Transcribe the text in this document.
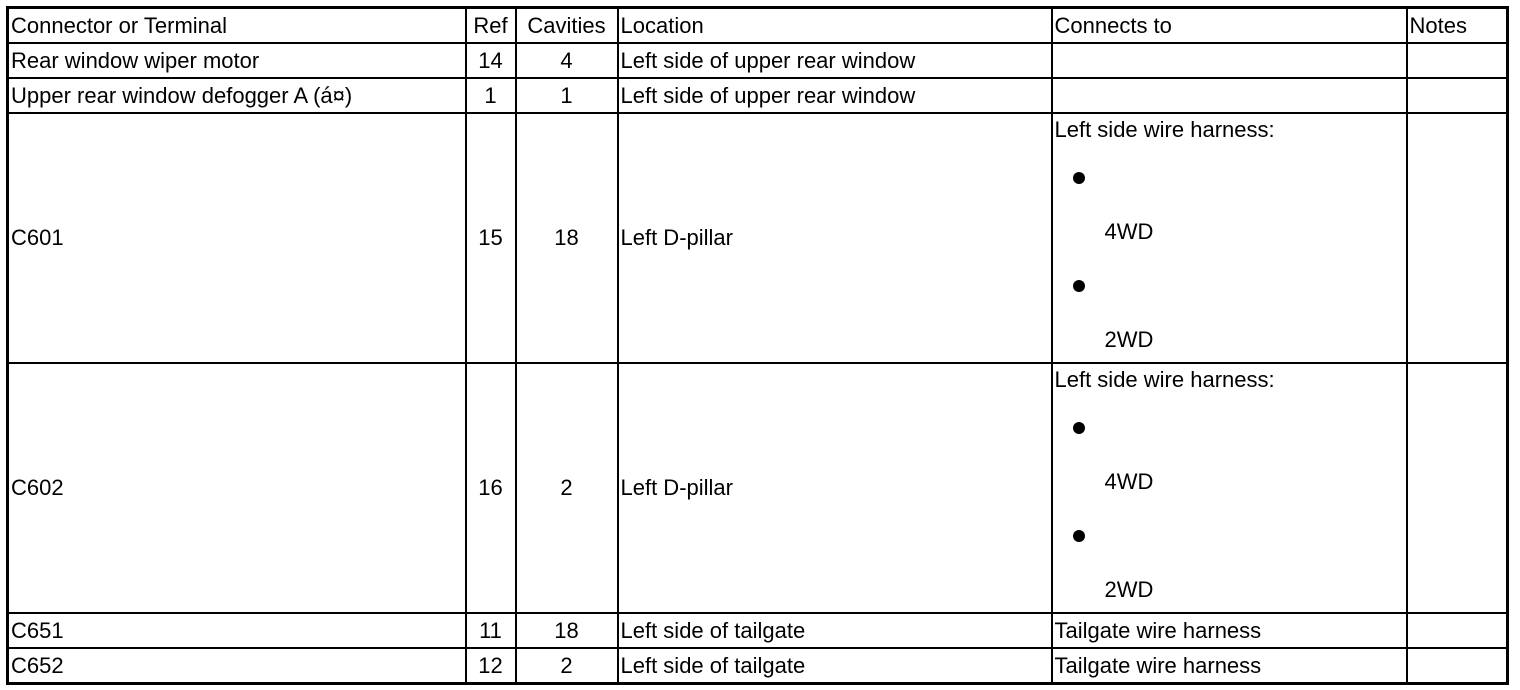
Connector or Terminal	Ref	Cavities	Location	Connects to	Notes
Rear window wiper motor	14	4	Left side of upper rear window		
Upper rear window defogger A (á¤)	1	1	Left side of upper rear window		
C601	15	18	Left D-pillar	Left side wire harness:
4WD
2WD	

C602	16	2	Left D-pillar	Left side wire harness:
4WD
2WD	

C651	11	18	Left side of tailgate	Tailgate wire harness	
C652	12	2	Left side of tailgate	Tailgate wire harness	
